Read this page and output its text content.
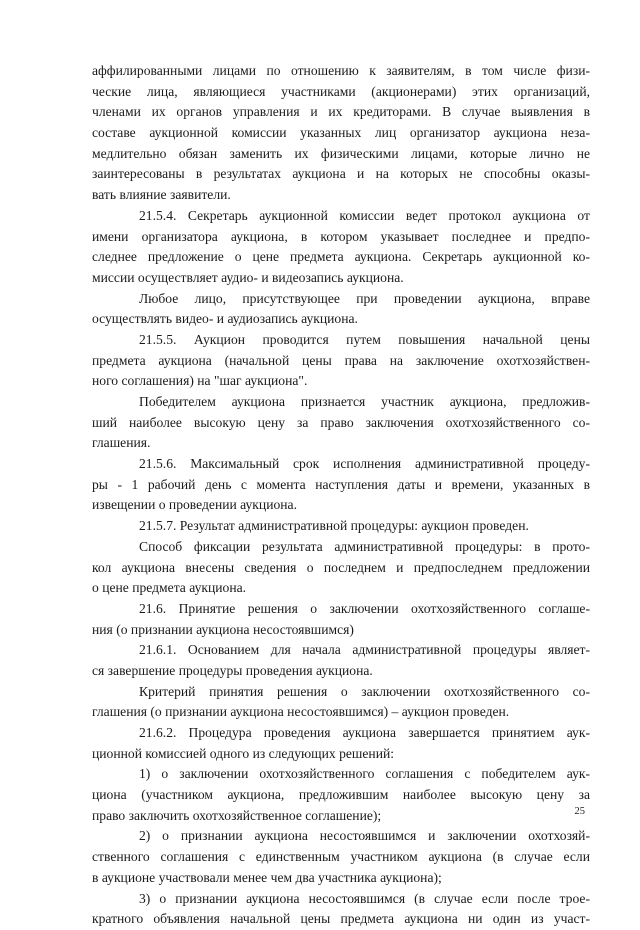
аффилированными лицами по отношению к заявителям, в том числе физи-
ческие лица, являющиеся участниками (акционерами) этих организаций,
членами их органов управления и их кредиторами. В случае выявления в
составе аукционной комиссии указанных лиц организатор аукциона неза-
медлительно обязан заменить их физическими лицами, которые лично не
заинтересованы в результатах аукциона и на которых не способны оказы-
вать влияние заявители.
21.5.4. Секретарь аукционной комиссии ведет протокол аукциона от
имени организатора аукциона, в котором указывает последнее и предпо-
следнее предложение о цене предмета аукциона. Секретарь аукционной ко-
миссии осуществляет аудио- и видеозапись аукциона.
Любое лицо, присутствующее при проведении аукциона, вправе
осуществлять видео- и аудиозапись аукциона.
21.5.5. Аукцион проводится путем повышения начальной цены
предмета аукциона (начальной цены права на заключение охотхозяйствен-
ного соглашения) на "шаг аукциона".
Победителем аукциона признается участник аукциона, предложив-
ший наиболее высокую цену за право заключения охотхозяйственного со-
глашения.
21.5.6. Максимальный срок исполнения административной процеду-
ры - 1 рабочий день с момента наступления даты и времени, указанных в
извещении о проведении аукциона.
21.5.7. Результат административной процедуры: аукцион проведен.
Способ фиксации результата административной процедуры: в прото-
кол аукциона внесены сведения о последнем и предпоследнем предложении
о цене предмета аукциона.
21.6. Принятие решения о заключении охотхозяйственного соглаше-
ния (о признании аукциона несостоявшимся)
21.6.1. Основанием для начала административной процедуры являет-
ся завершение процедуры проведения аукциона.
Критерий принятия решения о заключении охотхозяйственного со-
глашения (о признании аукциона несостоявшимся) – аукцион проведен.
21.6.2. Процедура проведения аукциона завершается принятием аук-
ционной комиссией одного из следующих решений:
1) о заключении охотхозяйственного соглашения с победителем аук-
циона (участником аукциона, предложившим наиболее высокую цену за
право заключить охотхозяйственное соглашение);
2) о признании аукциона несостоявшимся и заключении охотхозяй-
ственного соглашения с единственным участником аукциона (в случае если
в аукционе участвовали менее чем два участника аукциона);
3) о признании аукциона несостоявшимся (в случае если после трое-
кратного объявления начальной цены предмета аукциона ни один из участ-
25
